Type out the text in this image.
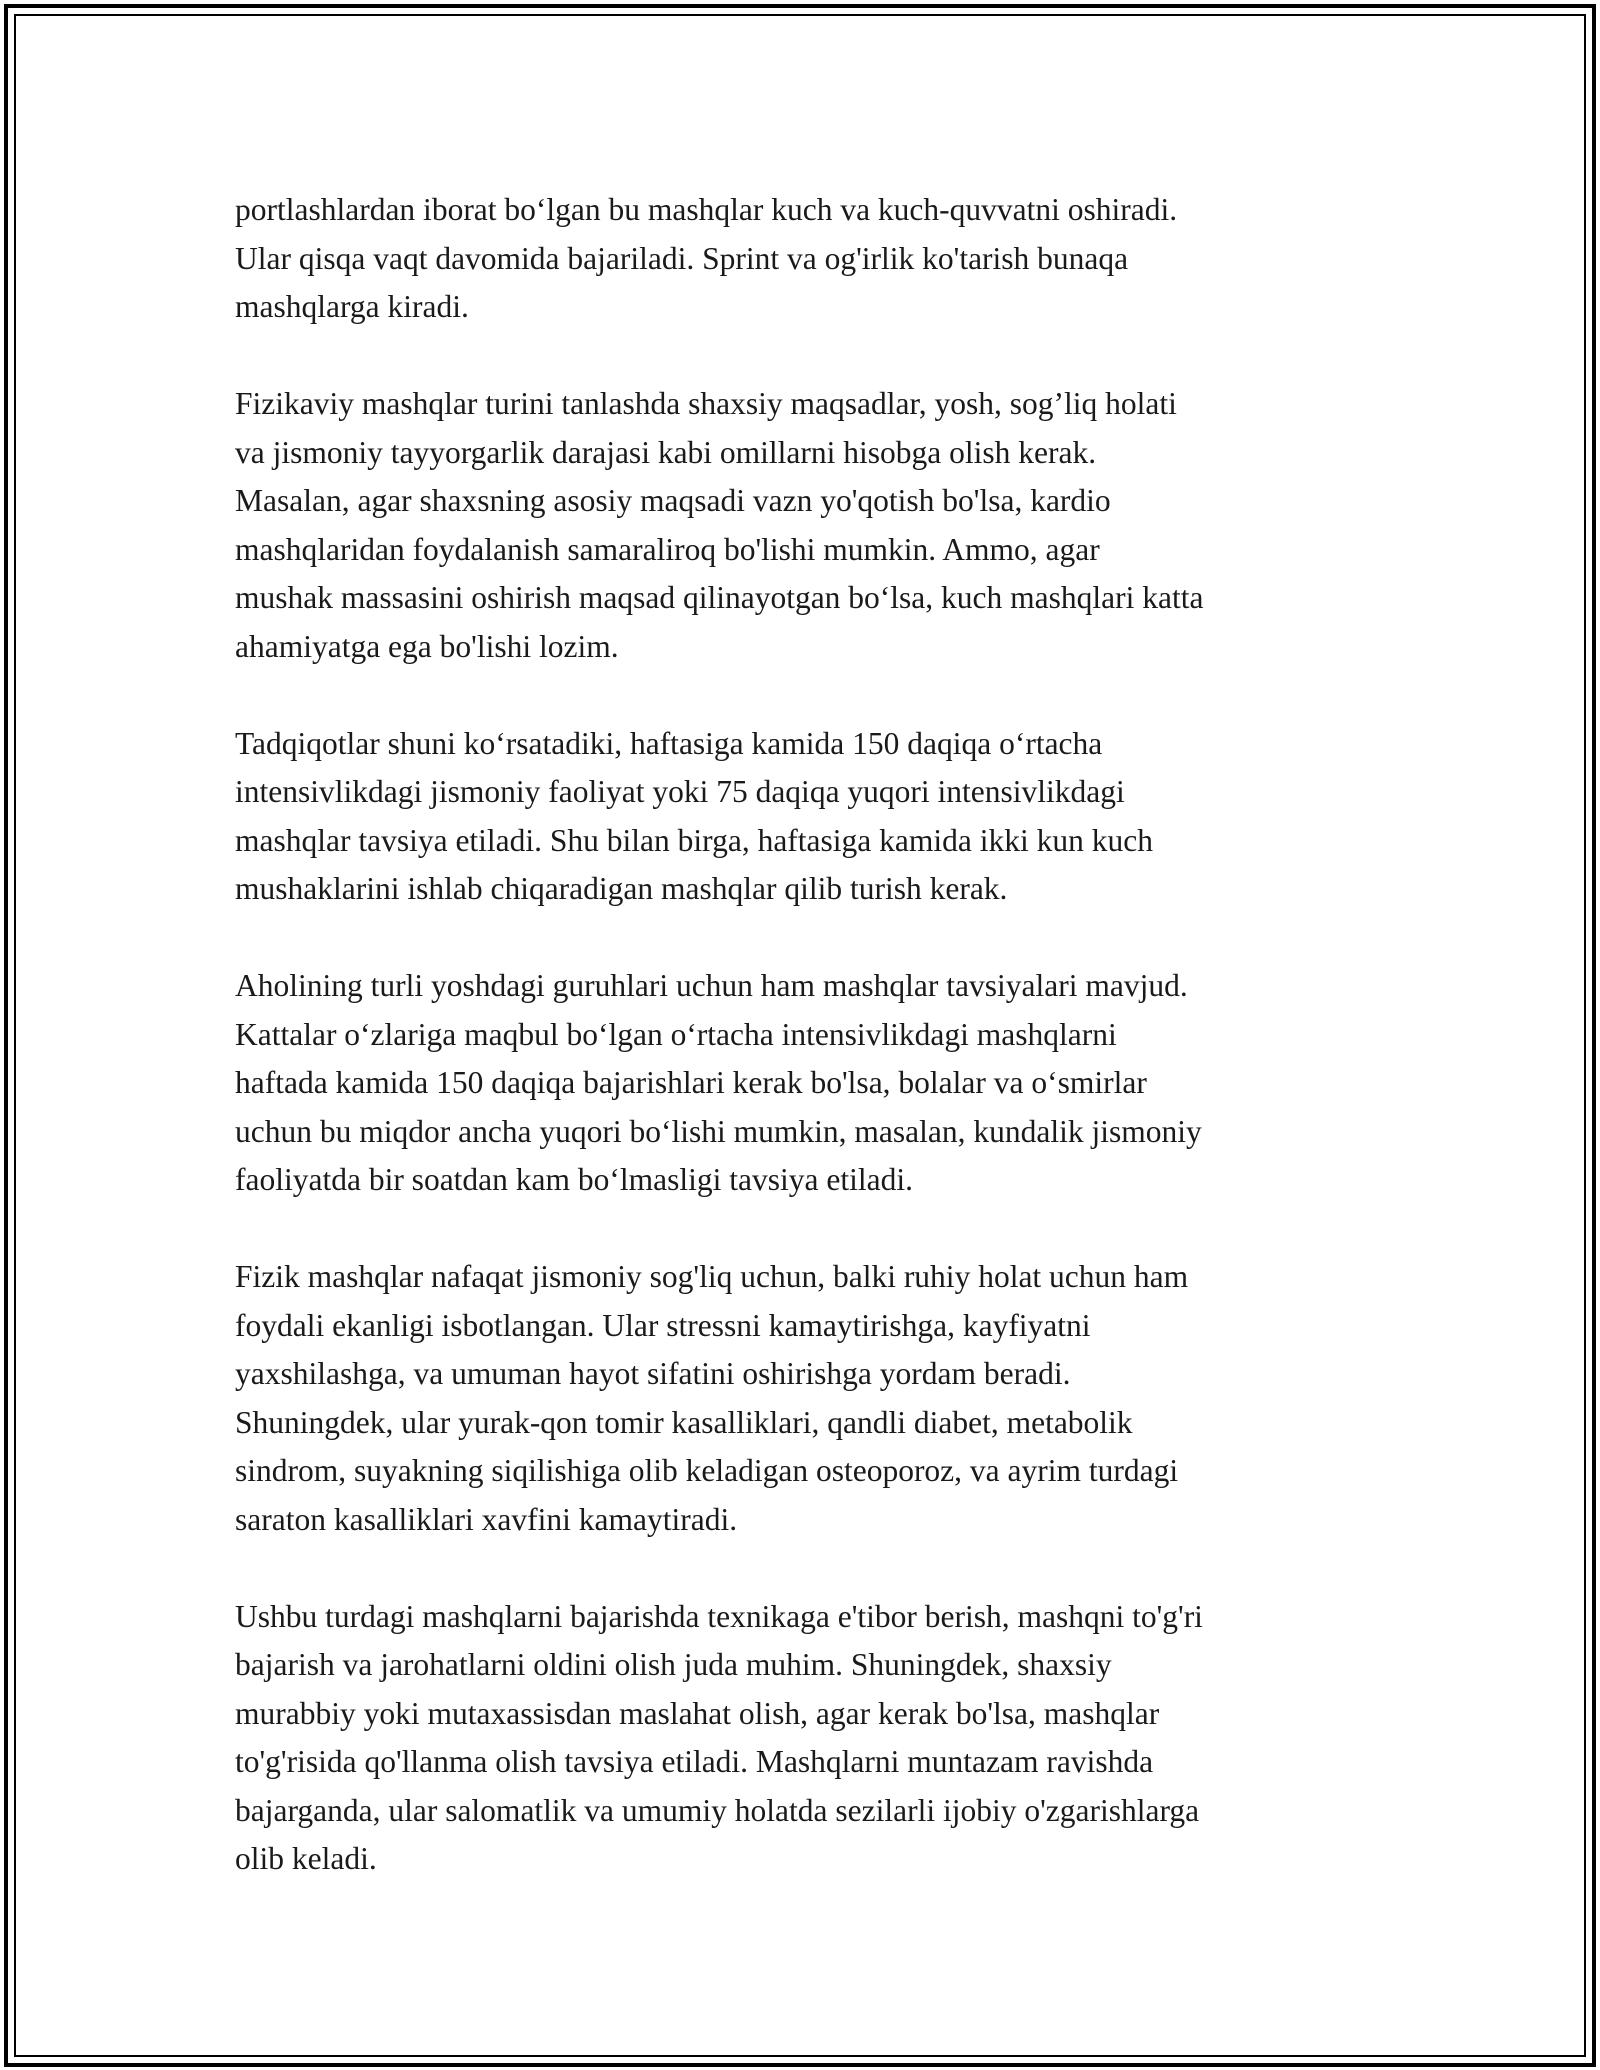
portlashlardan iborat boʻlgan bu mashqlar kuch va kuch-quvvatni oshiradi.
Ular qisqa vaqt davomida bajariladi. Sprint va og'irlik ko'tarish bunaqa
mashqlarga kiradi.

Fizikaviy mashqlar turini tanlashda shaxsiy maqsadlar, yosh, sog’liq holati
va jismoniy tayyorgarlik darajasi kabi omillarni hisobga olish kerak.
Masalan, agar shaxsning asosiy maqsadi vazn yo'qotish bo'lsa, kardio
mashqlaridan foydalanish samaraliroq bo'lishi mumkin. Ammo, agar
mushak massasini oshirish maqsad qilinayotgan boʻlsa, kuch mashqlari katta
ahamiyatga ega bo'lishi lozim.

Tadqiqotlar shuni koʻrsatadiki, haftasiga kamida 150 daqiqa oʻrtacha
intensivlikdagi jismoniy faoliyat yoki 75 daqiqa yuqori intensivlikdagi
mashqlar tavsiya etiladi. Shu bilan birga, haftasiga kamida ikki kun kuch
mushaklarini ishlab chiqaradigan mashqlar qilib turish kerak.

Aholining turli yoshdagi guruhlari uchun ham mashqlar tavsiyalari mavjud.
Kattalar oʻzlariga maqbul boʻlgan oʻrtacha intensivlikdagi mashqlarni
haftada kamida 150 daqiqa bajarishlari kerak bo'lsa, bolalar va oʻsmirlar
uchun bu miqdor ancha yuqori boʻlishi mumkin, masalan, kundalik jismoniy
faoliyatda bir soatdan kam boʻlmasligi tavsiya etiladi.

Fizik mashqlar nafaqat jismoniy sog'liq uchun, balki ruhiy holat uchun ham
foydali ekanligi isbotlangan. Ular stressni kamaytirishga, kayfiyatni
yaxshilashga, va umuman hayot sifatini oshirishga yordam beradi.
Shuningdek, ular yurak-qon tomir kasalliklari, qandli diabet, metabolik
sindrom, suyakning siqilishiga olib keladigan osteoporoz, va ayrim turdagi
saraton kasalliklari xavfini kamaytiradi.

Ushbu turdagi mashqlarni bajarishda texnikaga e'tibor berish, mashqni to'g'ri
bajarish va jarohatlarni oldini olish juda muhim. Shuningdek, shaxsiy
murabbiy yoki mutaxassisdan maslahat olish, agar kerak bo'lsa, mashqlar
to'g'risida qo'llanma olish tavsiya etiladi. Mashqlarni muntazam ravishda
bajarganda, ular salomatlik va umumiy holatda sezilarli ijobiy o'zgarishlarga
olib keladi.
